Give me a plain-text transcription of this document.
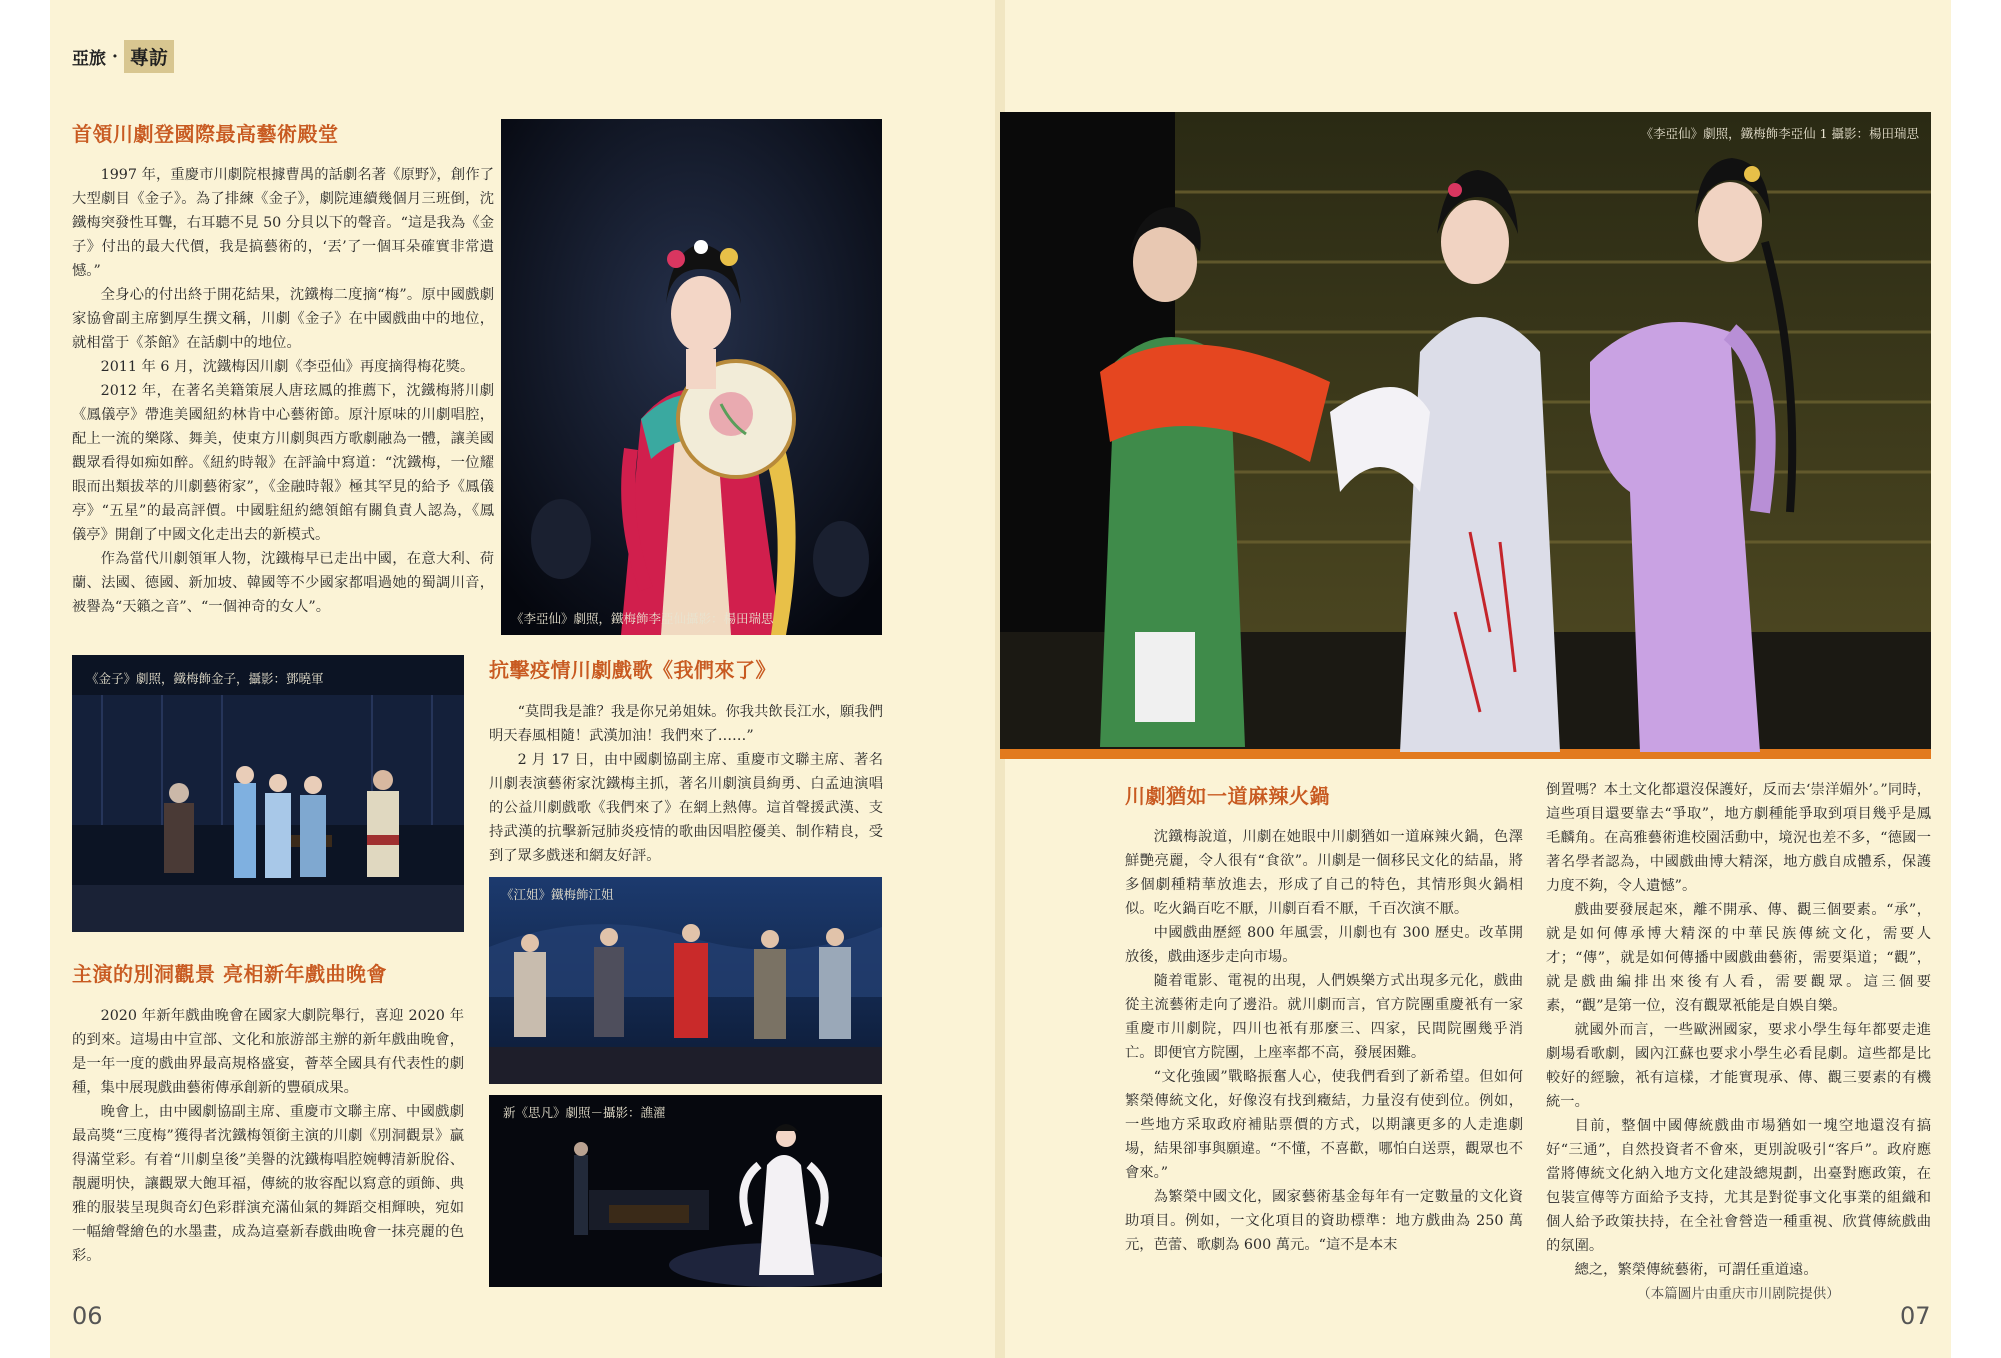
亞旅 · 專訪
首領川劇登國際最高藝術殿堂

1997 年，重慶市川劇院根據曹禺的話劇名著《原野》，創作了大型劇目《金子》。為了排練《金子》，劇院連續幾個月三班倒，沈鐵梅突發性耳聾，右耳聽不見 50 分貝以下的聲音。“這是我為《金子》付出的最大代價，我是搞藝術的，‘丟’了一個耳朵確實非常遺憾。”

全身心的付出終于開花結果，沈鐵梅二度摘“梅”。原中國戲劇家協會副主席劉厚生撰文稱，川劇《金子》在中國戲曲中的地位，就相當于《茶館》在話劇中的地位。

2011 年 6 月，沈鐵梅因川劇《李亞仙》再度摘得梅花獎。

2012 年，在著名美籍策展人唐玹鳳的推薦下，沈鐵梅將川劇《鳳儀亭》帶進美國紐約林肯中心藝術節。原汁原味的川劇唱腔，配上一流的樂隊、舞美，使東方川劇與西方歌劇融為一體，讓美國觀眾看得如痴如醉。《紐約時報》在評論中寫道：“沈鐵梅，一位耀眼而出類拔萃的川劇藝術家”，《金融時報》極其罕見的給予《鳳儀亭》“五星”的最高評價。中國駐紐約總領館有關負責人認為，《鳳儀亭》開創了中國文化走出去的新模式。

作為當代川劇領軍人物，沈鐵梅早已走出中國，在意大利、荷蘭、法國、德國、新加坡、韓國等不少國家都唱過她的蜀調川音，被譽為“天籟之音”、“一個神奇的女人”。

《李亞仙》劇照，鐵梅飾李亞仙攝影：楊田瑞思
《金子》劇照，鐵梅飾金子，攝影：鄧曉軍
主演的別洞觀景 亮相新年戲曲晚會

2020 年新年戲曲晚會在國家大劇院舉行，喜迎 2020 年的到來。這場由中宣部、文化和旅游部主辦的新年戲曲晚會，是一年一度的戲曲界最高規格盛宴，薈萃全國具有代表性的劇種，集中展現戲曲藝術傳承創新的豐碩成果。

晚會上，由中國劇協副主席、重慶市文聯主席、中國戲劇最高獎“三度梅”獲得者沈鐵梅領銜主演的川劇《別洞觀景》贏得滿堂彩。有着“川劇皇後”美譽的沈鐵梅唱腔婉轉清新脫俗、靚麗明快，讓觀眾大飽耳福，傳統的妝容配以寫意的頭飾、典雅的服裝呈現與奇幻色彩群演充滿仙氣的舞蹈交相輝映，宛如一幅繪聲繪色的水墨畫，成為這臺新春戲曲晚會一抹亮麗的色彩。

抗擊疫情川劇戲歌《我們來了》

“莫問我是誰？我是你兄弟姐妹。你我共飲長江水，願我們明天春風相隨！武漢加油！我們來了……”

2 月 17 日，由中國劇協副主席、重慶市文聯主席、著名川劇表演藝術家沈鐵梅主抓，著名川劇演員絢勇、白孟迪演唱的公益川劇戲歌《我們來了》在網上熱傳。這首聲援武漢、支持武漢的抗擊新冠肺炎疫情的歌曲因唱腔優美、制作精良，受到了眾多戲迷和網友好評。

《江姐》鐵梅飾江姐
新《思凡》劇照－攝影：譙濯
06
《李亞仙》劇照，鐵梅飾李亞仙 1 攝影：楊田瑞思
川劇猶如一道麻辣火鍋

沈鐵梅說道，川劇在她眼中川劇猶如一道麻辣火鍋，色澤鮮艷亮麗，令人很有“食欲”。川劇是一個移民文化的結晶，將多個劇種精華放進去，形成了自己的特色，其情形與火鍋相似。吃火鍋百吃不厭，川劇百看不厭，千百次演不厭。

中國戲曲歷經 800 年風雲，川劇也有 300 歷史。改革開放後，戲曲逐步走向市場。

隨着電影、電視的出現，人們娛樂方式出現多元化，戲曲從主流藝術走向了邊沿。就川劇而言，官方院團重慶衹有一家重慶市川劇院，四川也衹有那麼三、四家，民間院團幾乎消亡。即便官方院團，上座率都不高，發展困難。

“文化強國”戰略振奮人心，使我們看到了新希望。但如何繁榮傳統文化，好像沒有找到癥結，力量沒有使到位。例如，一些地方采取政府補貼票價的方式，以期讓更多的人走進劇場，結果卻事與願違。“不懂，不喜歡，哪怕白送票，觀眾也不會來。”

為繁榮中國文化，國家藝術基金每年有一定數量的文化資助項目。例如，一文化項目的資助標準：地方戲曲為 250 萬元，芭蕾、歌劇為 600 萬元。“這不是本末

倒置嗎？本土文化都還沒保護好，反而去‘崇洋媚外’。”同時，這些項目還要靠去“爭取”，地方劇種能爭取到項目幾乎是鳳毛麟角。在高雅藝術進校園活動中，境況也差不多，“德國一著名學者認為，中國戲曲博大精深，地方戲自成體系，保護力度不夠，令人遺憾”。

戲曲要發展起來，離不開承、傳、觀三個要素。“承”，就是如何傳承博大精深的中華民族傳統文化，需要人才；“傳”，就是如何傳播中國戲曲藝術，需要渠道；“觀”，就是戲曲編排出來後有人看，需要觀眾。這三個要素，“觀”是第一位，沒有觀眾衹能是自娛自樂。

就國外而言，一些歐洲國家，要求小學生每年都要走進劇場看歌劇，國內江蘇也要求小學生必看昆劇。這些都是比較好的經驗，衹有這樣，才能實現承、傳、觀三要素的有機統一。

目前，整個中國傳統戲曲市場猶如一塊空地還沒有搞好“三通”，自然投資者不會來，更別說吸引“客戶”。政府應當將傳統文化納入地方文化建設總規劃，出臺對應政策，在包裝宣傳等方面給予支持，尤其是對從事文化事業的組織和個人給予政策扶持，在全社會營造一種重視、欣賞傳統戲曲的氛圍。

總之，繁榮傳統藝術，可謂任重道遠。

（本篇圖片由重庆市川剧院提供）

07
